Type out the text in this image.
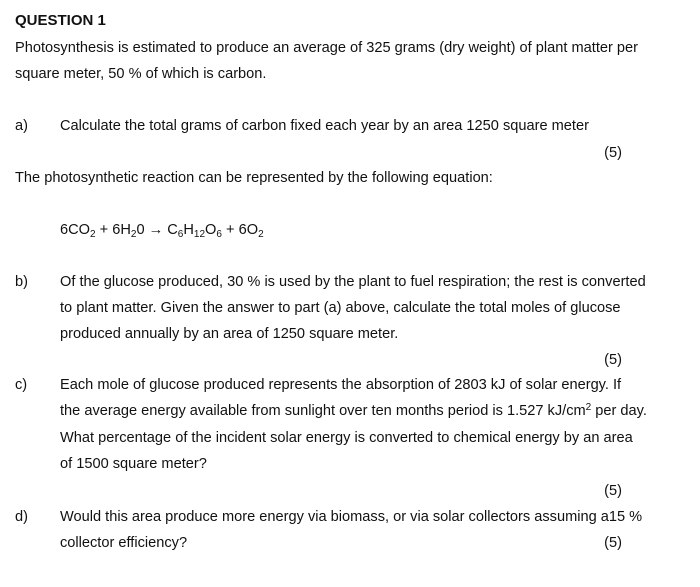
QUESTION 1
Photosynthesis is estimated to produce an average of 325 grams (dry weight) of plant matter per
square meter, 50 % of which is carbon.
a) Calculate the total grams of carbon fixed each year by an area 1250 square meter
(5)
The photosynthetic reaction can be represented by the following equation:
$6CO_2 + 6H_20 \to C_6H_{12}O_6 + 6O_2$
b) Of the glucose produced, 30 % is used by the plant to fuel respiration; the rest is converted
to plant matter. Given the answer to part (a) above, calculate the total moles of glucose
produced annually by an area of 1250 square meter.
(5)
c) Each mole of glucose produced represents the absorption of 2803 kJ of solar energy. If
the average energy available from sunlight over ten months period is 1.527 $kJ/cm^2$ per day.
What percentage of the incident solar energy is converted to chemical energy by an area
of 1500 square meter?
(5)
d) Would this area produce more energy via biomass, or via solar collectors assuming a15 %
collector efficiency?	(5)
